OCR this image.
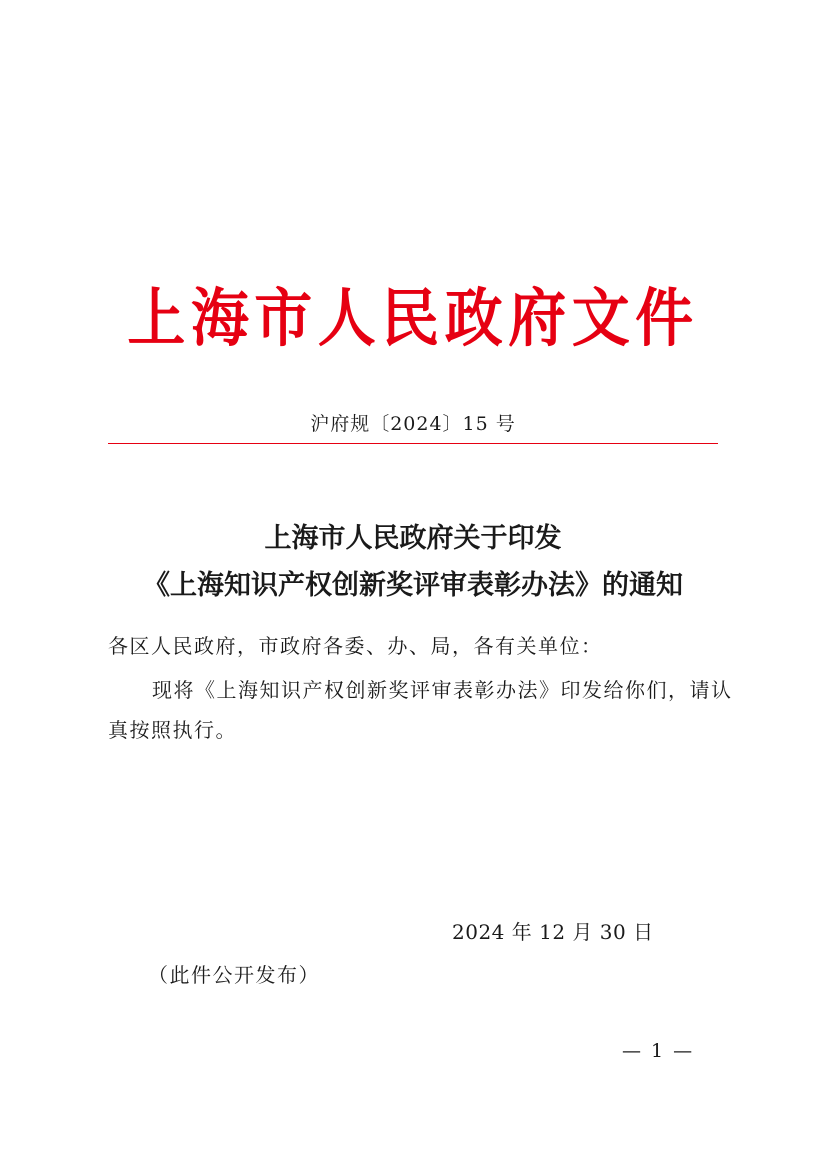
上海市人民政府文件
沪府规〔2024〕15 号
上海市人民政府关于印发
《上海知识产权创新奖评审表彰办法》的通知
各区人民政府，市政府各委、办、局，各有关单位：
现将《上海知识产权创新奖评审表彰办法》印发给你们，请认
真按照执行。
2024 年 12 月 30 日
（此件公开发布）
— 1 —
